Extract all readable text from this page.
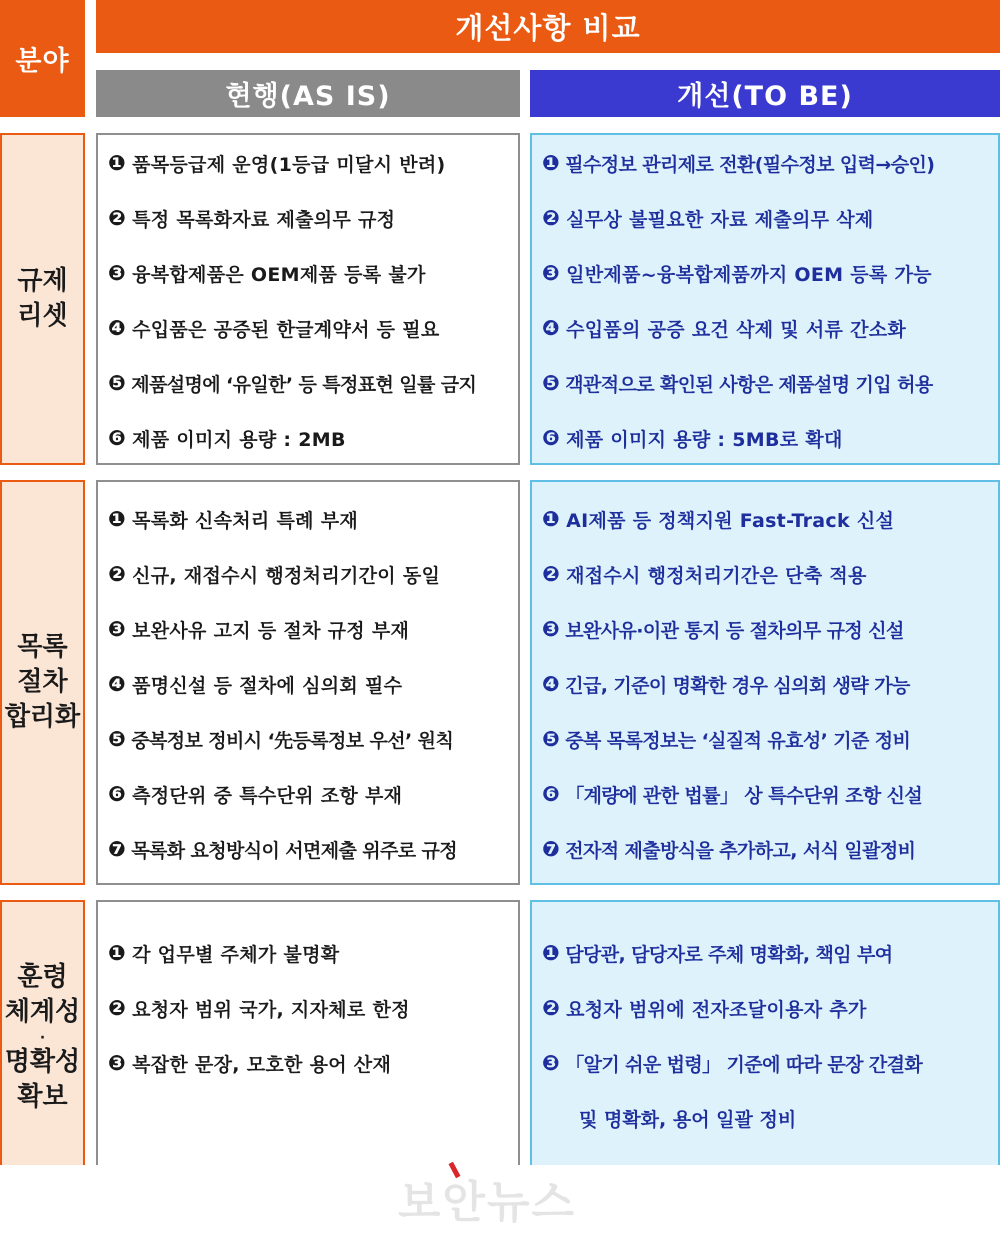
분야
개선사항 비교
현행(AS IS)	개선(TO BE)
규제
리셋
❶ 품목등급제 운영(1등급 미달시 반려)
❷ 특정 목록화자료 제출의무 규정
❸ 융복합제품은 OEM제품 등록 불가
❹ 수입품은 공증된 한글계약서 등 필요
❺ 제품설명에 ‘유일한’ 등 특정표현 일률 금지
❻ 제품 이미지 용량 : 2MB
❶ 필수정보 관리제로 전환(필수정보 입력→승인)
❷ 실무상 불필요한 자료 제출의무 삭제
❸ 일반제품~융복합제품까지 OEM 등록 가능
❹ 수입품의 공증 요건 삭제 및 서류 간소화
❺ 객관적으로 확인된 사항은 제품설명 기입 허용
❻ 제품 이미지 용량 : 5MB로 확대
목록
절차
합리화
❶ 목록화 신속처리 특례 부재
❷ 신규, 재접수시 행정처리기간이 동일
❸ 보완사유 고지 등 절차 규정 부재
❹ 품명신설 등 절차에 심의회 필수
❺ 중복정보 정비시 ‘先등록정보 우선’ 원칙
❻ 측정단위 중 특수단위 조항 부재
❼ 목록화 요청방식이 서면제출 위주로 규정
❶ AI제품 등 정책지원 Fast-Track 신설
❷ 재접수시 행정처리기간은 단축 적용
❸ 보완사유·이관 통지 등 절차의무 규정 신설
❹ 긴급, 기준이 명확한 경우 심의회 생략 가능
❺ 중복 목록정보는 ‘실질적 유효성’ 기준 정비
❻ 「계량에 관한 법률」 상 특수단위 조항 신설
❼ 전자적 제출방식을 추가하고, 서식 일괄정비
훈령
체계성
·
명확성
확보
❶ 각 업무별 주체가 불명확
❷ 요청자 범위 국가, 지자체로 한정
❸ 복잡한 문장, 모호한 용어 산재
❶ 담당관, 담당자로 주체 명확화, 책임 부여
❷ 요청자 범위에 전자조달이용자 추가
❸ 「알기 쉬운 법령」 기준에 따라 문장 간결화
및 명확화, 용어 일괄 정비
보안뉴스
